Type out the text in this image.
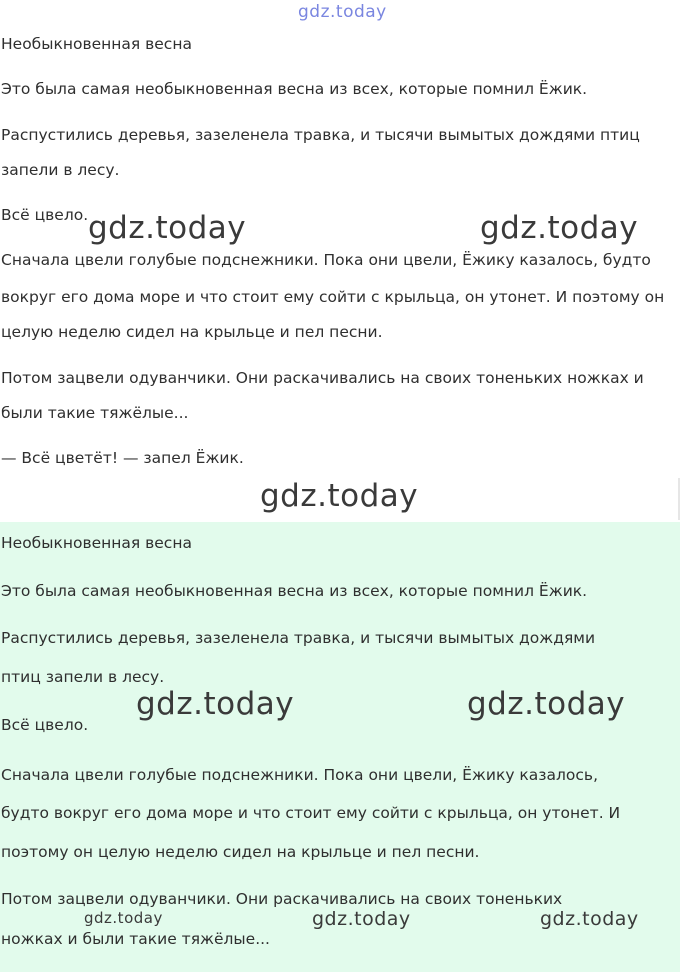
Необыкновенная весна

Это была самая необыкновенная весна из всех, которые помнил Ёжик.

Распустились деревья, зазеленела травка, и тысячи вымытых дождями птиц

запели в лесу.

Всё цвело.

Сначала цвели голубые подснежники. Пока они цвели, Ёжику казалось, будто

вокруг его дома море и что стоит ему сойти с крыльца, он утонет. И поэтому он

целую неделю сидел на крыльце и пел песни.

Потом зацвели одуванчики. Они раскачивались на своих тоненьких ножках и

были такие тяжёлые...

— Всё цветёт! — запел Ёжик.

Необыкновенная весна

Это была самая необыкновенная весна из всех, которые помнил Ёжик.

Распустились деревья, зазеленела травка, и тысячи вымытых дождями

птиц запели в лесу.

Всё цвело.

Сначала цвели голубые подснежники. Пока они цвели, Ёжику казалось,

будто вокруг его дома море и что стоит ему сойти с крыльца, он утонет. И

поэтому он целую неделю сидел на крыльце и пел песни.

Потом зацвели одуванчики. Они раскачивались на своих тоненьких

ножках и были такие тяжёлые...

gdz.today
gdz.today	gdz.today
gdz.today
gdz.today	gdz.today
gdz.today	gdz.today	gdz.today
